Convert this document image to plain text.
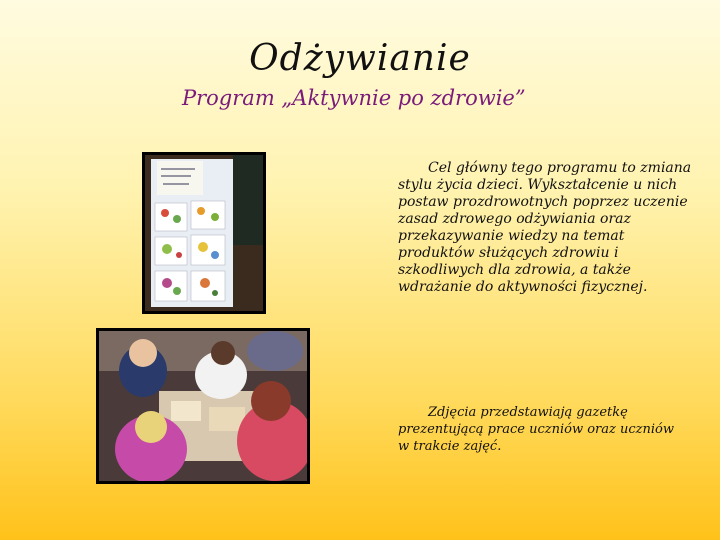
Odżywianie
Program „Aktywnie po zdrowie”
Cel główny tego programu to zmiana stylu życia dzieci. Wykształcenie u nich postaw prozdrowotnych poprzez uczenie zasad zdrowego odżywiania oraz przekazywanie wiedzy na temat produktów służących zdrowiu i szkodliwych dla zdrowia, a także wdrażanie do aktywności fizycznej.
Zdjęcia przedstawiają gazetkę prezentującą prace uczniów oraz uczniów w trakcie zajęć.
